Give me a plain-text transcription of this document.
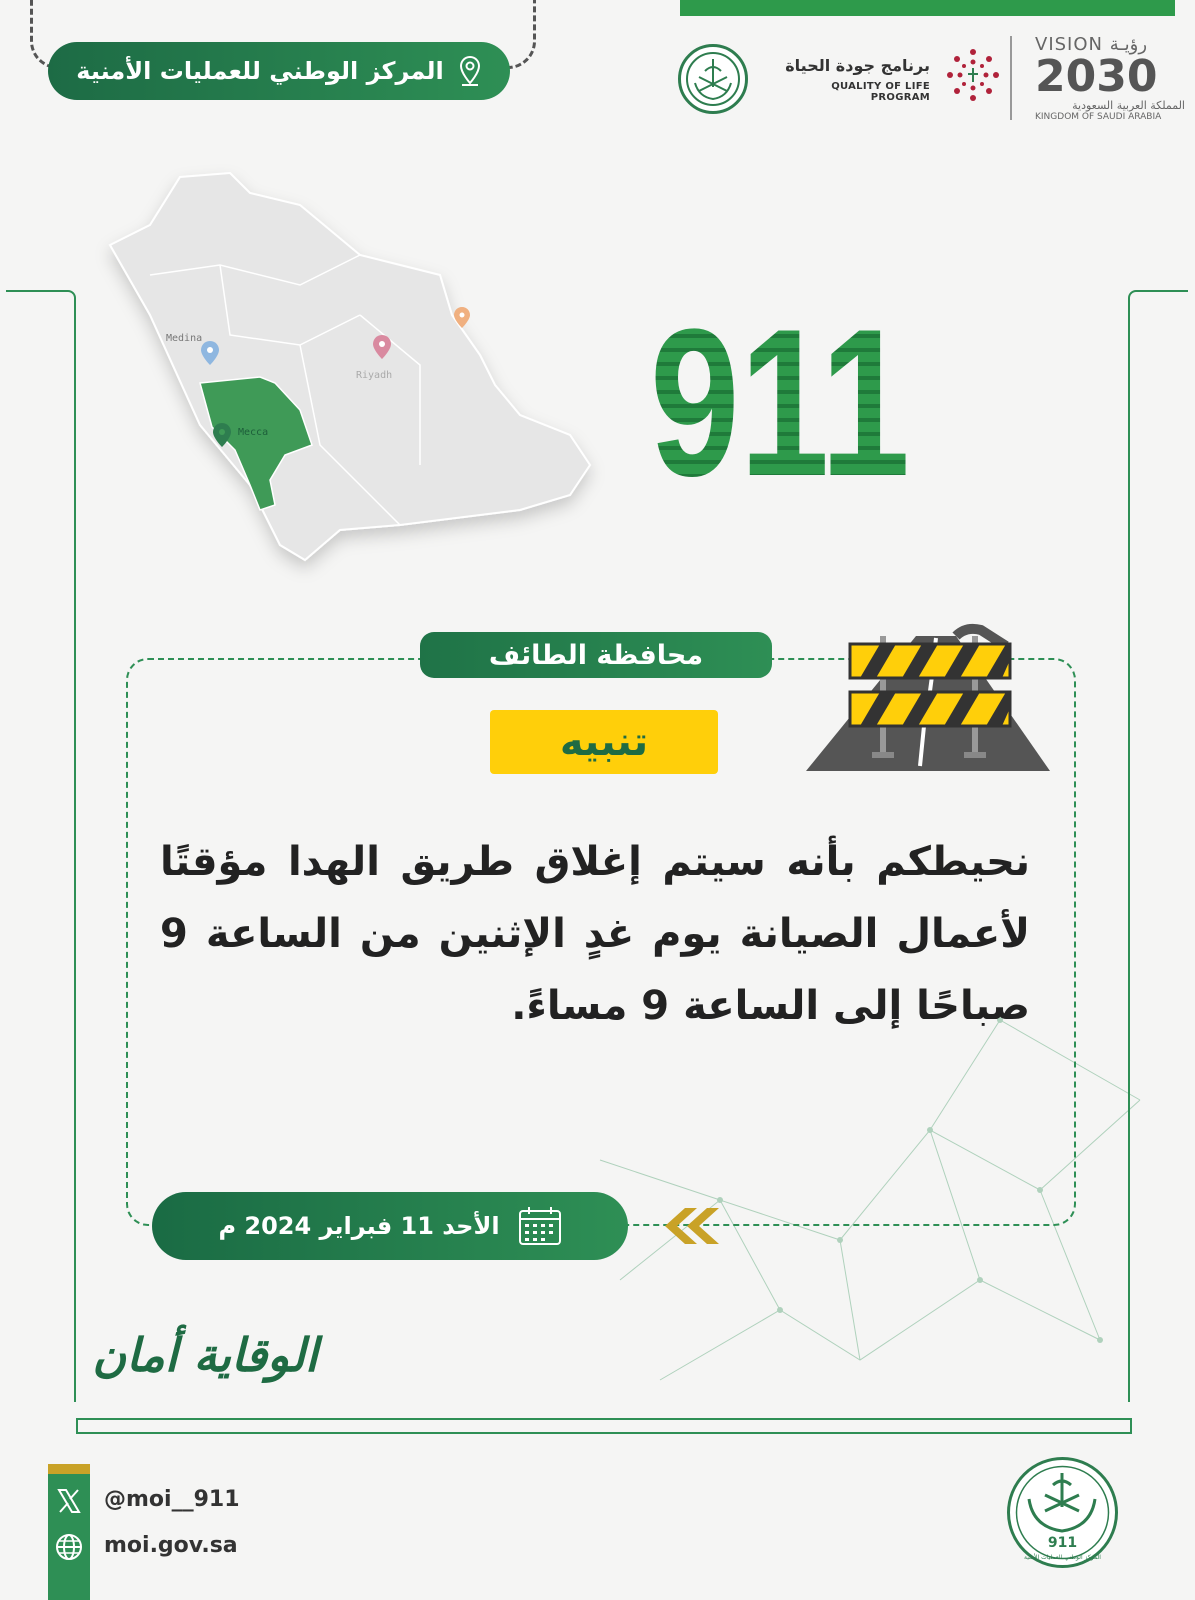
المركز الوطني للعمليات الأمنية	برنامج جودة الحياة
QUALITY OF LIFE PROGRAM
VISION رؤيـة
2030
المملكة العربية السعودية
KINGDOM OF SAUDI ARABIA
Medina
Riyadh
Mecca 911
محافظة الطائف
تنبيه
نحيطكم بأنه سيتم إغلاق طريق الهدا مؤقتًا لأعمال الصيانة يوم غدٍ الإثنين من الساعة 9 صباحًا إلى الساعة 9 مساءً.
الأحد 11 فبراير 2024 م
الوقاية أمان
@moi__911
moi.gov.sa	911
المركز الوطني للعمليات الأمنية
